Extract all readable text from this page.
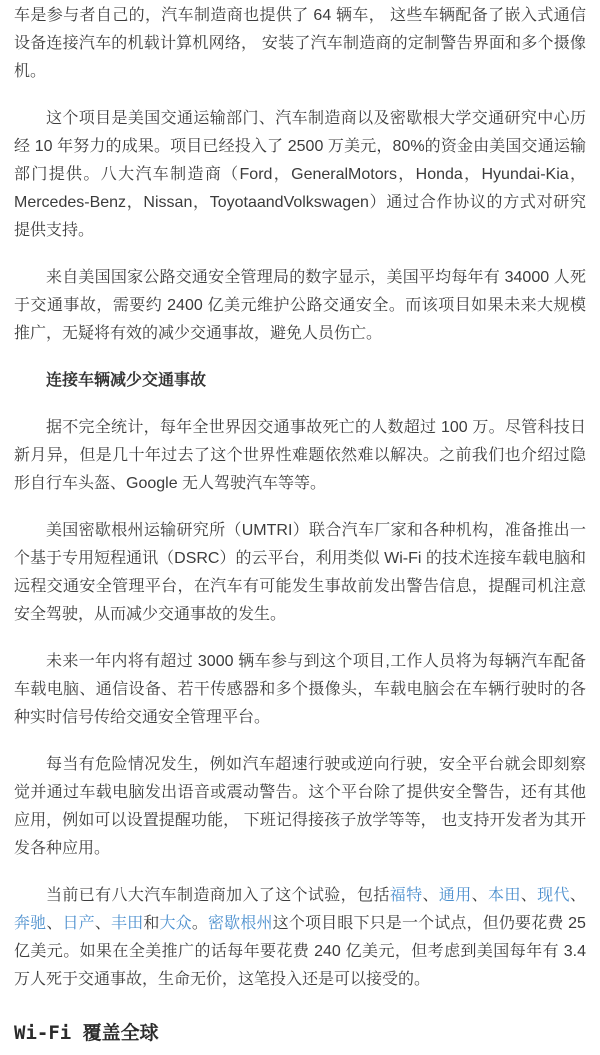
车是参与者自己的，汽车制造商也提供了 64 辆车， 这些车辆配备了嵌入式通信设备连接汽车的机载计算机网络， 安装了汽车制造商的定制警告界面和多个摄像机。

这个项目是美国交通运输部门、汽车制造商以及密歇根大学交通研究中心历经 10 年努力的成果。项目已经投入了 2500 万美元，80%的资金由美国交通运输部门提供。八大汽车制造商（Ford，GeneralMotors，Honda，Hyundai-Kia，Mercedes-Benz，Nissan，ToyotaandVolkswagen）通过合作协议的方式对研究提供支持。

来自美国国家公路交通安全管理局的数字显示，美国平均每年有 34000 人死于交通事故，需要约 2400 亿美元维护公路交通安全。而该项目如果未来大规模推广，无疑将有效的减少交通事故，避免人员伤亡。

连接车辆减少交通事故

据不完全统计，每年全世界因交通事故死亡的人数超过 100 万。尽管科技日新月异，但是几十年过去了这个世界性难题依然难以解决。之前我们也介绍过隐形自行车头盔、Google 无人驾驶汽车等等。

美国密歇根州运输研究所（UMTRI）联合汽车厂家和各种机构，准备推出一个基于专用短程通讯（DSRC）的云平台，利用类似 Wi-Fi 的技术连接车载电脑和远程交通安全管理平台，在汽车有可能发生事故前发出警告信息，提醒司机注意安全驾驶，从而减少交通事故的发生。

未来一年内将有超过 3000 辆车参与到这个项目,工作人员将为每辆汽车配备车载电脑、通信设备、若干传感器和多个摄像头，车载电脑会在车辆行驶时的各种实时信号传给交通安全管理平台。

每当有危险情况发生，例如汽车超速行驶或逆向行驶，安全平台就会即刻察觉并通过车载电脑发出语音或震动警告。这个平台除了提供安全警告，还有其他应用，例如可以设置提醒功能， 下班记得接孩子放学等等， 也支持开发者为其开发各种应用。

当前已有八大汽车制造商加入了这个试验，包括福特、通用、本田、现代、奔驰、日产、丰田和大众。密歇根州这个项目眼下只是一个试点，但仍要花费 25 亿美元。如果在全美推广的话每年要花费 240 亿美元，但考虑到美国每年有 3.4 万人死于交通事故，生命无价，这笔投入还是可以接受的。

Wi-Fi 覆盖全球
